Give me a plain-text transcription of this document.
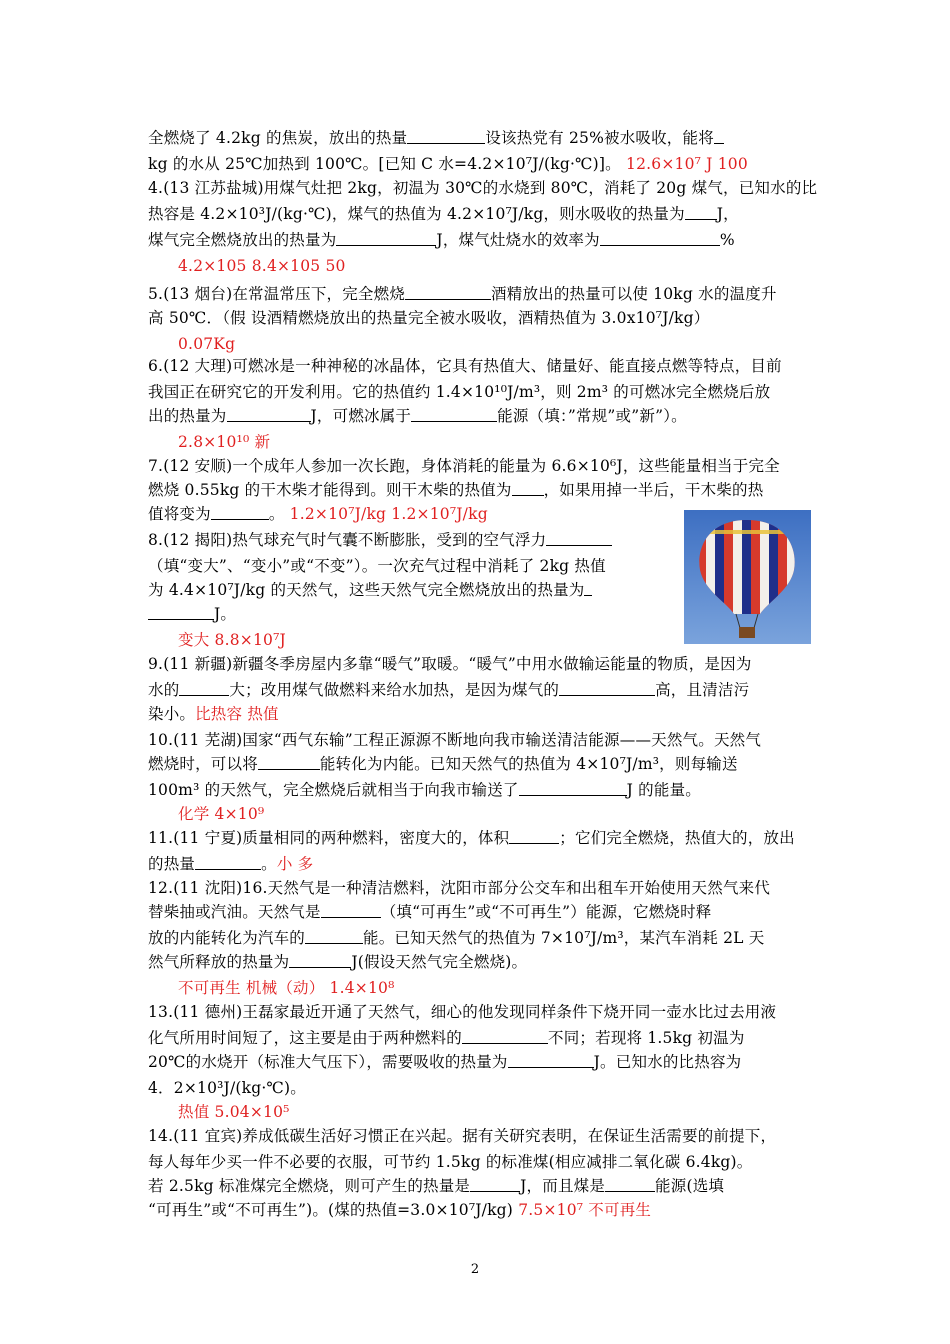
全燃烧了 4.2kg 的焦炭，放出的热量	设该热党有 25%被水吸收，能将
kg 的水从 25℃加热到 100℃。[已知 C 水=4.2×10⁷J/(kg·℃)]。 12.6×10⁷ J 100
4.(13 江苏盐城)用煤气灶把 2kg，初温为 30℃的水烧到 80℃，消耗了 20g 煤气，已知水的比
热容是 4.2×10³J/(kg·℃)，煤气的热值为 4.2×10⁷J/kg，则水吸收的热量为 J，
煤气完全燃烧放出的热量为	J，煤气灶烧水的效率为	%
4.2×105 8.4×105 50
5.(13 烟台)在常温常压下，完全燃烧	酒精放出的热量可以使 10kg 水的温度升
高 50℃．（假 设酒精燃烧放出的热量完全被水吸收，酒精热值为 3.0x10⁷J/kg）
0.07Kg
6.(12 大理)可燃冰是一种神秘的冰晶体，它具有热值大、储量好、能直接点燃等特点，目前
我国正在研究它的开发利用。它的热值约 1.4×10¹⁰J/m³，则 2m³ 的可燃冰完全燃烧后放
出的热量为	J，可燃冰属于	能源（填：”常规”或”新”）。
2.8×10¹⁰ 新
7.(12 安顺)一个成年人参加一次长跑，身体消耗的能量为 6.6×10⁶J，这些能量相当于完全
燃烧 0.55kg 的干木柴才能得到。则干木柴的热值为 ，如果用掉一半后，干木柴的热
值将变为	。 1.2×10⁷J/kg 1.2×10⁷J/kg
8.(12 揭阳)热气球充气时气囊不断膨胀，受到的空气浮力
（填“变大”、“变小”或“不变”）。一次充气过程中消耗了 2kg 热值
为 4.4×10⁷J/kg 的天然气，这些天然气完全燃烧放出的热量为
J。
变大 8.8×10⁷J
9.(11 新疆)新疆冬季房屋内多靠“暖气”取暖。“暖气”中用水做输运能量的物质，是因为
水的	大；改用煤气做燃料来给水加热，是因为煤气的	高，且清洁污
染小。比热容 热值
10.(11 芜湖)国家“西气东输”工程正源源不断地向我市输送清洁能源——天然气。天然气
燃烧时，可以将	能转化为内能。已知天然气的热值为 4×10⁷J/m³，则每输送
100m³ 的天然气，完全燃烧后就相当于向我市输送了	J 的能量。
化学 4×10⁹
11.(11 宁夏)质量相同的两种燃料，密度大的，体积	；它们完全燃烧，热值大的，放出
的热量	。小 多
12.(11 沈阳)16.天然气是一种清洁燃料，沈阳市部分公交车和出租车开始使用天然气来代
替柴抽或汽油。天然气是	（填“可再生”或“不可再生”）能源，它燃烧时释
放的内能转化为汽车的	能。已知天然气的热值为 7×10⁷J/m³，某汽车消耗 2L 天
然气所释放的热量为	J(假设天然气完全燃烧)。
不可再生 机械（动） 1.4×10⁸
13.(11 德州)王磊家最近开通了天然气，细心的他发现同样条件下烧开同一壶水比过去用液
化气所用时间短了，这主要是由于两种燃料的	不同；若现将 1.5kg 初温为
20℃的水烧开（标准大气压下），需要吸收的热量为	J。已知水的比热容为
4．2×10³J/(kg·℃)。
热值 5.04×10⁵
14.(11 宜宾)养成低碳生活好习惯正在兴起。据有关研究表明，在保证生活需要的前提下，
每人每年少买一件不必要的衣服，可节约 1.5kg 的标准煤(相应减排二氧化碳 6.4kg)。
若 2.5kg 标准煤完全燃烧，则可产生的热量是	J，而且煤是	能源(选填
“可再生”或“不可再生”)。(煤的热值=3.0×10⁷J/kg) 7.5×10⁷ 不可再生
2
